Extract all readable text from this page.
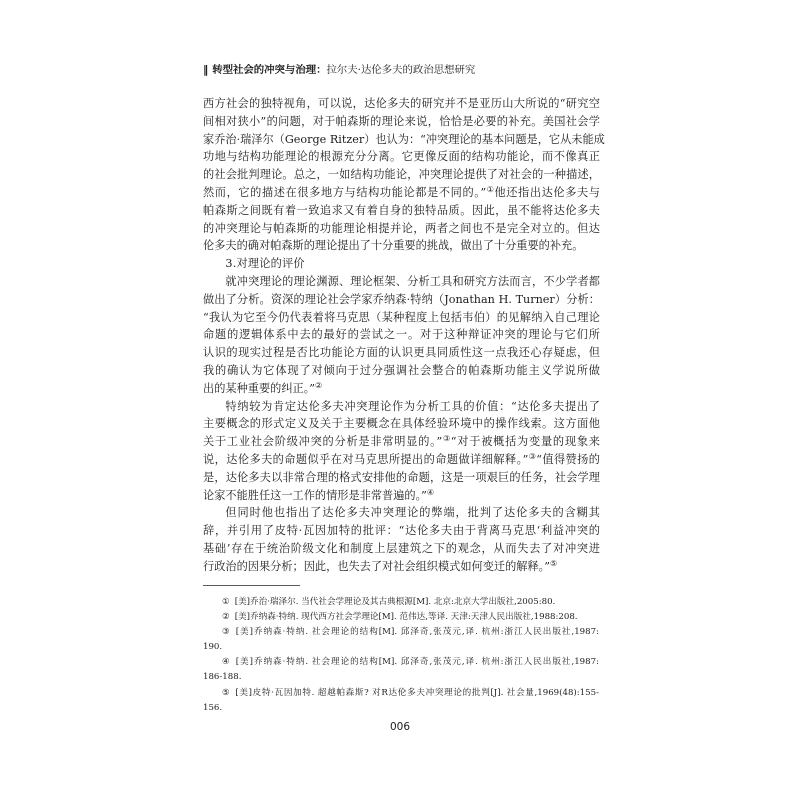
‖ 转型社会的冲突与治理：拉尔夫·达伦多夫的政治思想研究
西方社会的独特视角，可以说，达伦多夫的研究并不是亚历山大所说的“研究空
间相对狭小”的问题，对于帕森斯的理论来说，恰恰是必要的补充。美国社会学
家乔治·瑞泽尔（George Ritzer）也认为：“冲突理论的基本问题是，它从未能成
功地与结构功能理论的根源充分分离。它更像反面的结构功能论，而不像真正
的社会批判理论。总之，一如结构功能论，冲突理论提供了对社会的一种描述，
然而，它的描述在很多地方与结构功能论都是不同的。”①他还指出达伦多夫与
帕森斯之间既有着一致追求又有着自身的独特品质。因此，虽不能将达伦多夫
的冲突理论与帕森斯的功能理论相提并论，两者之间也不是完全对立的。但达
伦多夫的确对帕森斯的理论提出了十分重要的挑战，做出了十分重要的补充。
3.对理论的评价
就冲突理论的理论渊源、理论框架、分析工具和研究方法而言，不少学者都
做出了分析。资深的理论社会学家乔纳森·特纳（Jonathan H. Turner）分析：
“我认为它至今仍代表着将马克思（某种程度上包括韦伯）的见解纳入自己理论
命题的逻辑体系中去的最好的尝试之一。对于这种辩证冲突的理论与它们所
认识的现实过程是否比功能论方面的认识更具同质性这一点我还心存疑虑，但
我的确认为它体现了对倾向于过分强调社会整合的帕森斯功能主义学说所做
出的某种重要的纠正。”②
特纳较为肯定达伦多夫冲突理论作为分析工具的价值：“达伦多夫提出了
主要概念的形式定义及关于主要概念在具体经验环境中的操作线索。这方面他
关于工业社会阶级冲突的分析是非常明显的。”③“对于被概括为变量的现象来
说，达伦多夫的命题似乎在对马克思所提出的命题做详细解释。”③“值得赞扬的
是，达伦多夫以非常合理的格式安排他的命题，这是一项艰巨的任务，社会学理
论家不能胜任这一工作的情形是非常普遍的。”④
但同时他也指出了达伦多夫冲突理论的弊端，批判了达伦多夫的含糊其
辞，并引用了皮特·瓦因加特的批评：“达伦多夫由于背离马克思‘利益冲突的
基础’存在于统治阶级文化和制度上层建筑之下的观念，从而失去了对冲突进
行政治的因果分析；因此，也失去了对社会组织模式如何变迁的解释。”⑤
① [美]乔治·瑞泽尔. 当代社会学理论及其古典根源[M]. 北京:北京大学出版社,2005:80.
② [美]乔纳森·特纳. 现代西方社会学理论[M]. 范伟达,等译. 天津:天津人民出版社,1988:208.
③ [美]乔纳森·特纳. 社会理论的结构[M]. 邱泽奇,张茂元,译. 杭州:浙江人民出版社,1987:
190.
④ [美]乔纳森·特纳. 社会理论的结构[M]. 邱泽奇,张茂元,译. 杭州:浙江人民出版社,1987:
186-188.
⑤ [美]皮特·瓦因加特. 超越帕森斯? 对R达伦多夫冲突理论的批判[J]. 社会量,1969(48):155-
156.
006
